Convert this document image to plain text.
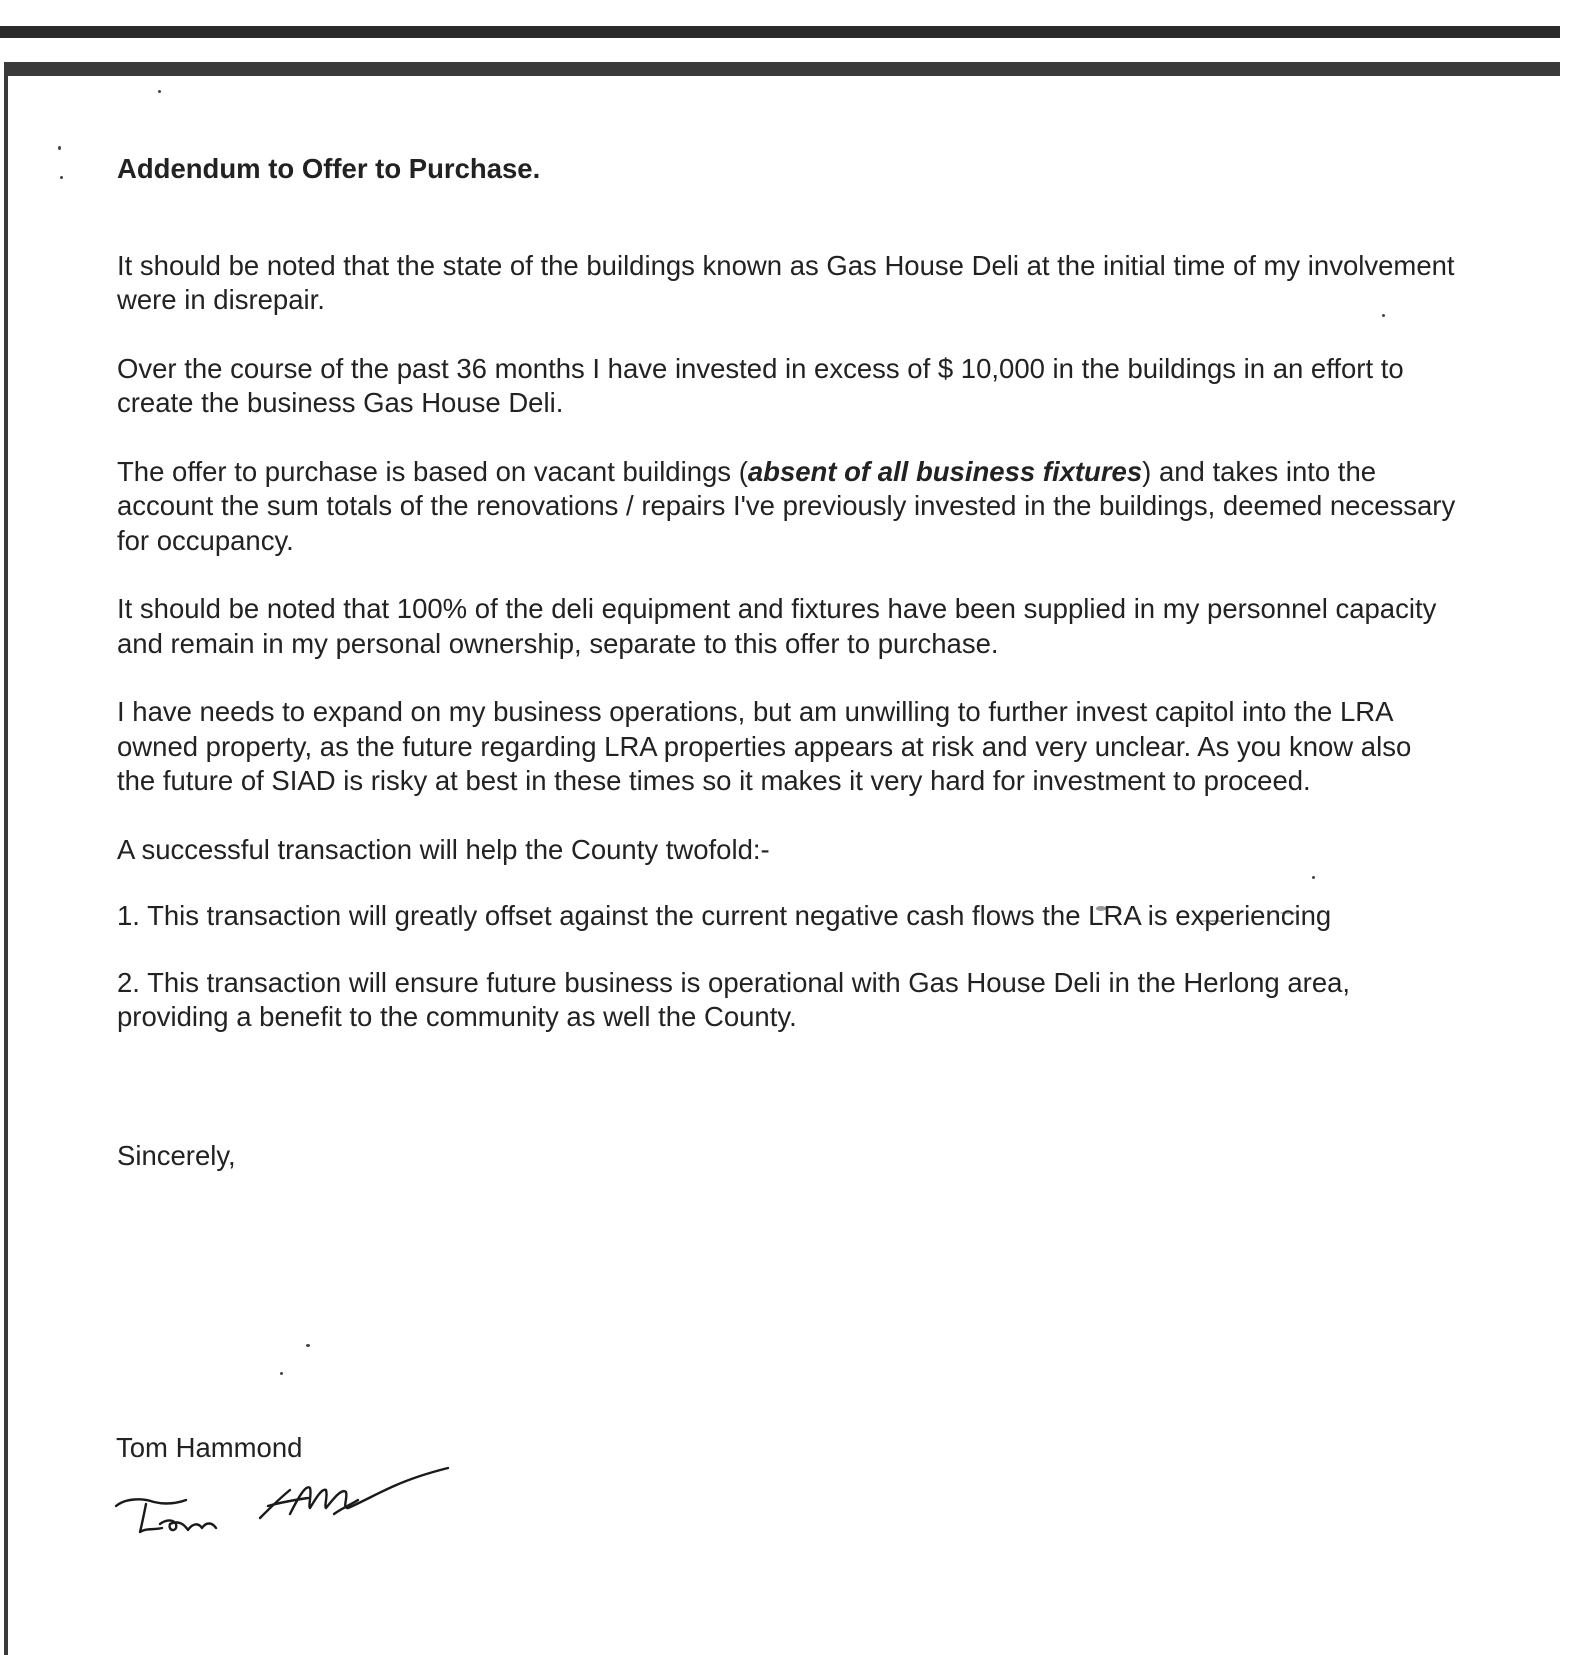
Addendum to Offer to Purchase.
It should be noted that the state of the buildings known as Gas House Deli at the initial time of my involvement were in disrepair.
Over the course of the past 36 months I have invested in excess of $ 10,000 in the buildings in an effort to create the business Gas House Deli.
The offer to purchase is based on vacant buildings (absent of all business fixtures) and takes into the account the sum totals of the renovations / repairs I've previously invested in the buildings, deemed necessary for occupancy.
It should be noted that 100% of the deli equipment and fixtures have been supplied in my personnel capacity and remain in my personal ownership, separate to this offer to purchase.
I have needs to expand on my business operations, but am unwilling to further invest capitol into the LRA owned property, as the future regarding LRA properties appears at risk and very unclear. As you know also the future of SIAD is risky at best in these times so it makes it very hard for investment to proceed.
A successful transaction will help the County twofold:-
1. This transaction will greatly offset against the current negative cash flows the LRA is experiencing
2. This transaction will ensure future business is operational with Gas House Deli in the Herlong area, providing a benefit to the community as well the County.
Sincerely,
Tom Hammond
